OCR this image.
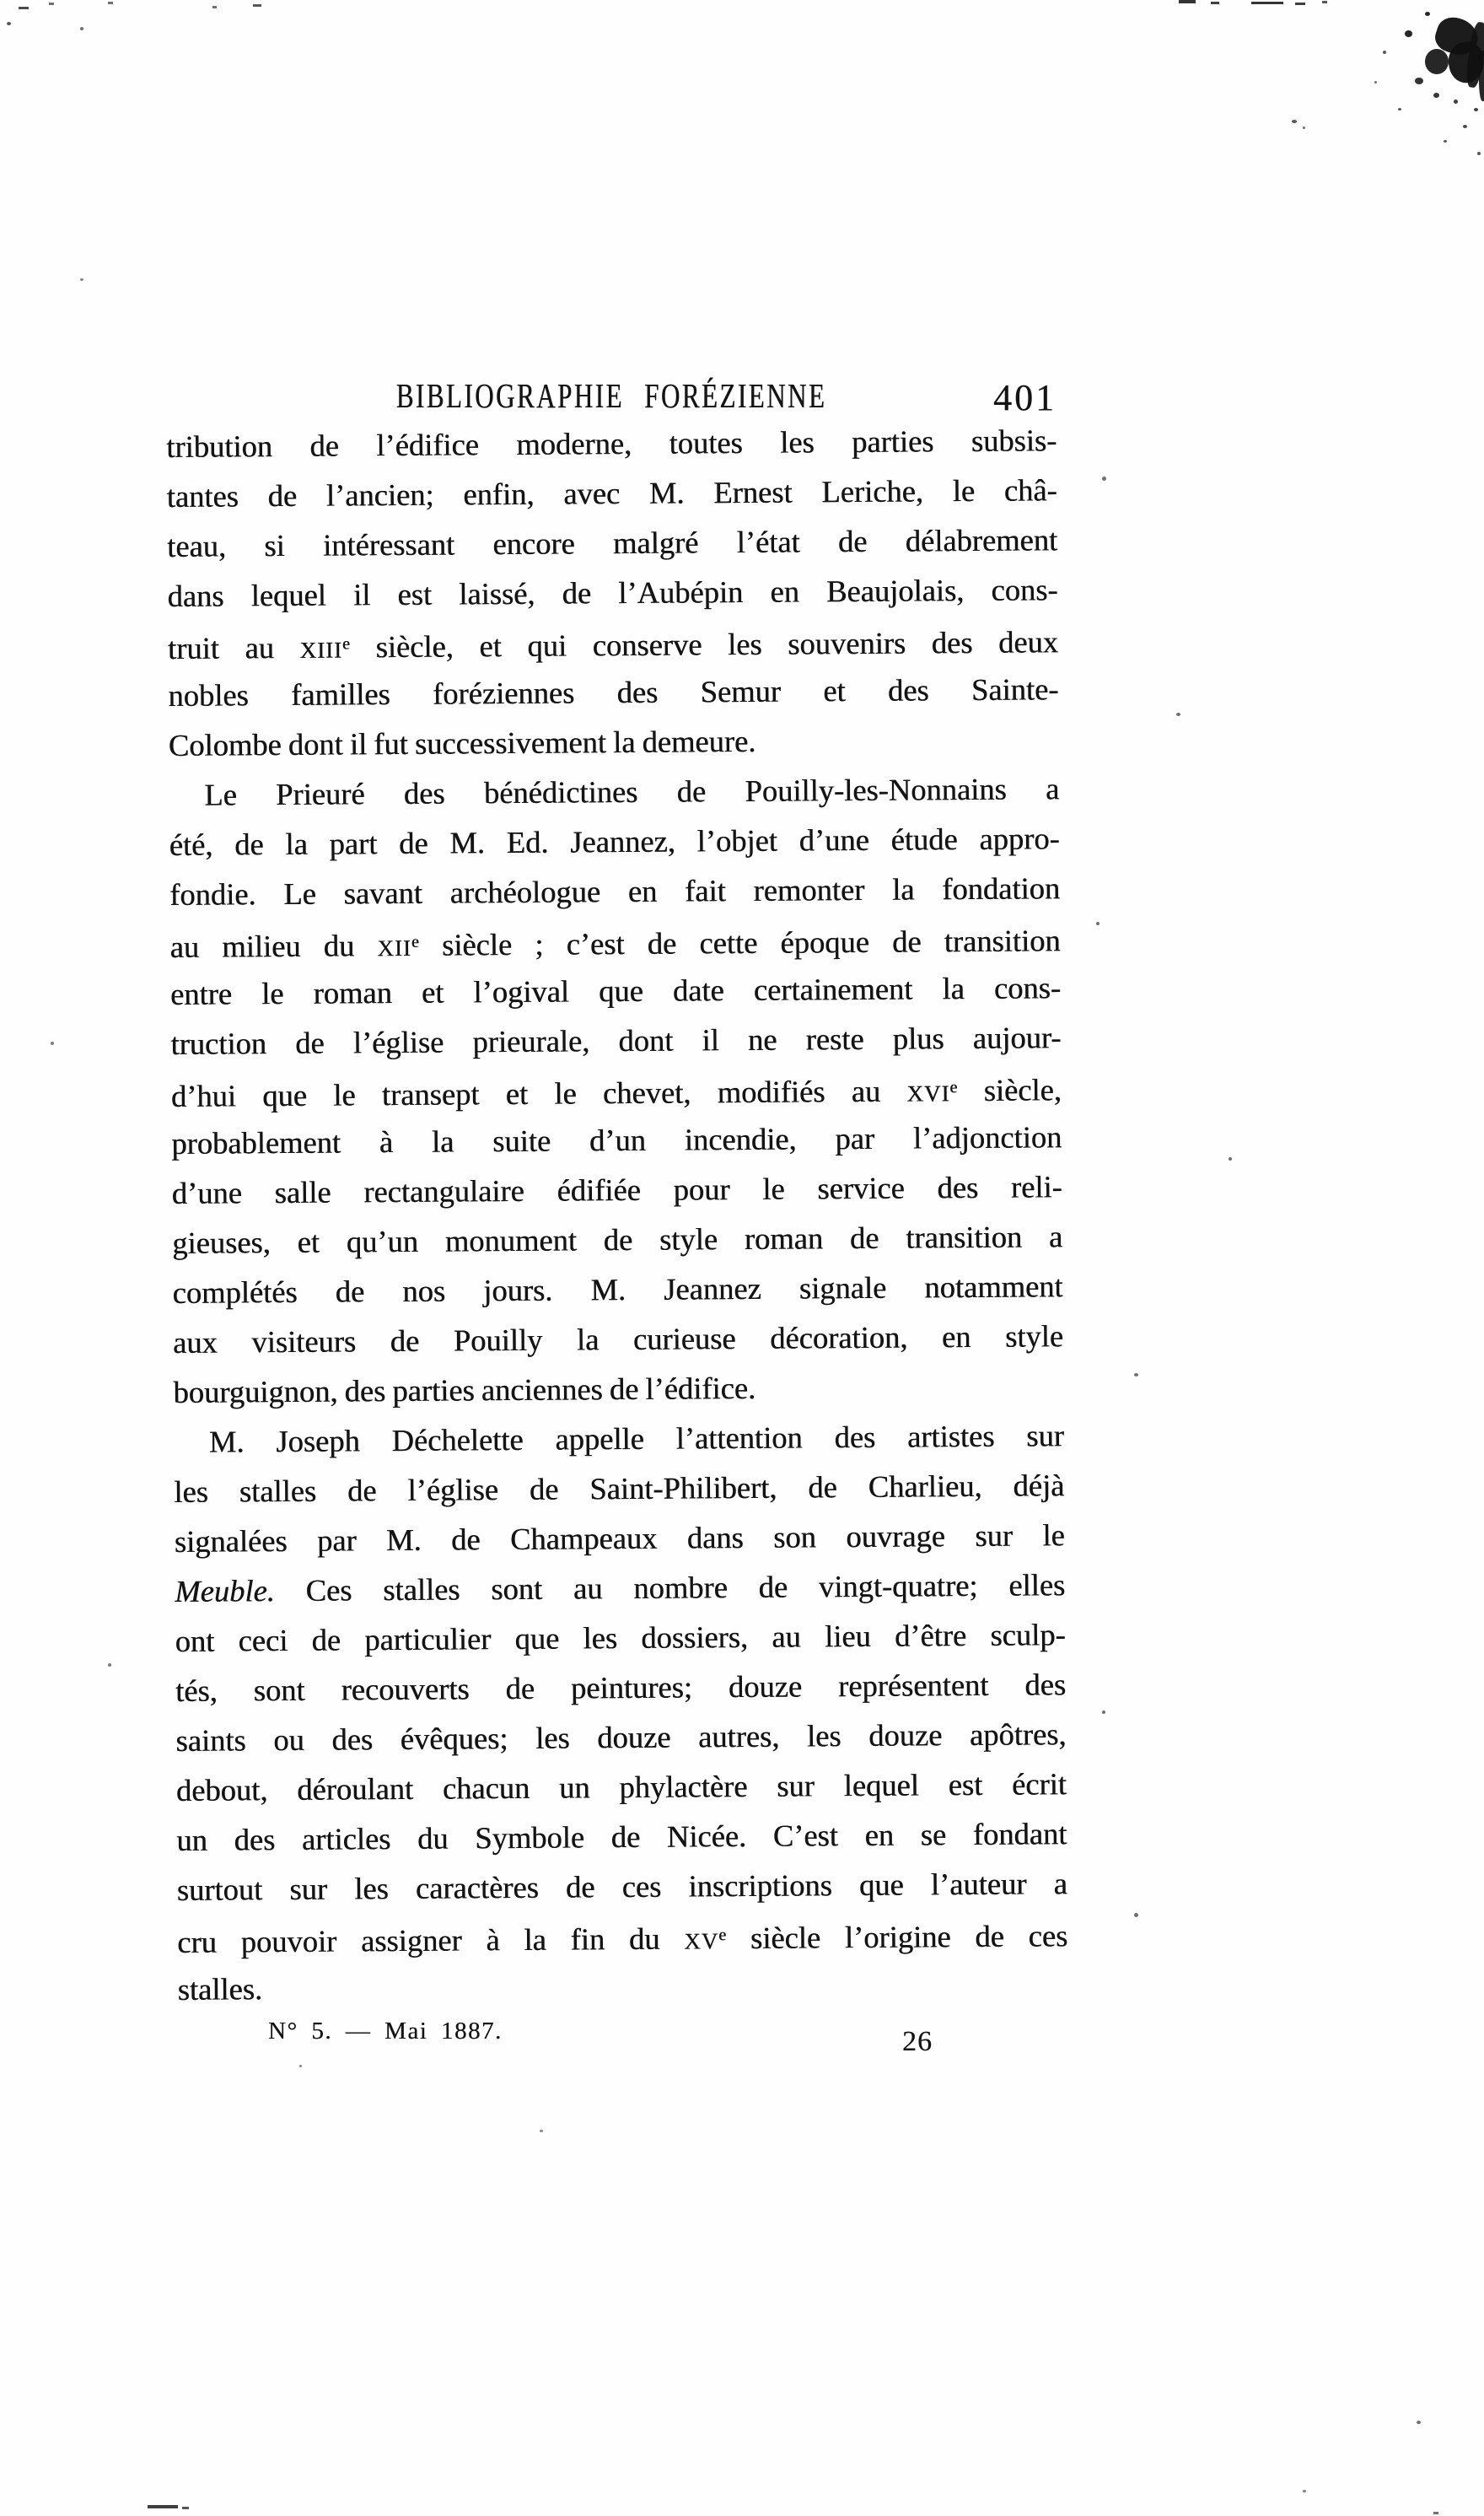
BIBLIOGRAPHIE FORÉZIENNE	401
tribution de l’édifice moderne, toutes les parties subsis-
tantes de l’ancien; enfin, avec M. Ernest Leriche, le châ-
teau, si intéressant encore malgré l’état de délabrement
dans lequel il est laissé, de l’Aubépin en Beaujolais, cons-
truit au XIIIe siècle, et qui conserve les souvenirs des deux
nobles familles foréziennes des Semur et des Sainte-
Colombe dont il fut successivement la demeure.
Le Prieuré des bénédictines de Pouilly-les-Nonnains a
été, de la part de M. Ed. Jeannez, l’objet d’une étude appro-
fondie. Le savant archéologue en fait remonter la fondation
au milieu du XIIe siècle ; c’est de cette époque de transition
entre le roman et l’ogival que date certainement la cons-
truction de l’église prieurale, dont il ne reste plus aujour-
d’hui que le transept et le chevet, modifiés au XVIe siècle,
probablement à la suite d’un incendie, par l’adjonction
d’une salle rectangulaire édifiée pour le service des reli-
gieuses, et qu’un monument de style roman de transition a
complétés de nos jours. M. Jeannez signale notamment
aux visiteurs de Pouilly la curieuse décoration, en style
bourguignon, des parties anciennes de l’édifice.
M. Joseph Déchelette appelle l’attention des artistes sur
les stalles de l’église de Saint-Philibert, de Charlieu, déjà
signalées par M. de Champeaux dans son ouvrage sur le
Meuble. Ces stalles sont au nombre de vingt-quatre; elles
ont ceci de particulier que les dossiers, au lieu d’être sculp-
tés, sont recouverts de peintures; douze représentent des
saints ou des évêques; les douze autres, les douze apôtres,
debout, déroulant chacun un phylactère sur lequel est écrit
un des articles du Symbole de Nicée. C’est en se fondant
surtout sur les caractères de ces inscriptions que l’auteur a
cru pouvoir assigner à la fin du XVe siècle l’origine de ces
stalles.
N° 5. — Mai 1887.	26
